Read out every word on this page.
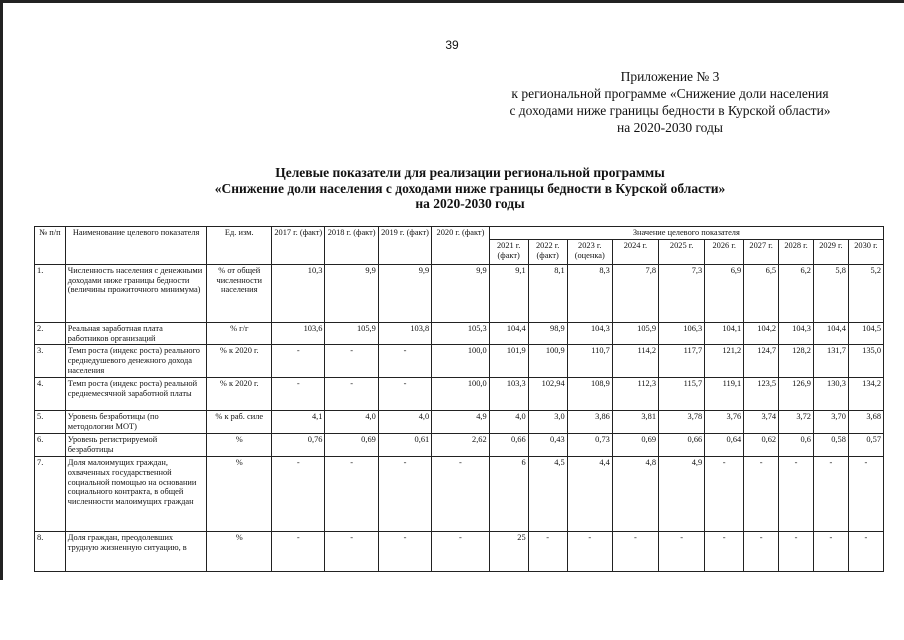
39
Приложение № 3
к региональной программе «Снижение доли населения
с доходами ниже границы бедности в Курской области»
на 2020-2030 годы
Целевые показатели для реализации региональной программы
«Снижение доли населения с доходами ниже границы бедности в Курской области»
на 2020-2030 годы
№ п/п	Наименование целевого показателя	Ед. изм.	2017 г. (факт)	2018 г. (факт)	2019 г. (факт)	2020 г. (факт)	Значение целевого показателя									
							2021 г. (факт)	2022 г. (факт)	2023 г. (оценка)	2024 г.	2025 г.	2026 г.	2027 г.	2028 г.	2029 г.	2030 г.
1.	Численность населения с денежными доходами ниже границы бедности (величины прожиточного минимума)	% от общей численности населения	10,3	9,9	9,9	9,9	9,1	8,1	8,3	7,8	7,3	6,9	6,5	6,2	5,8	5,2
2.	Реальная заработная плата работников организаций	% г/г	103,6	105,9	103,8	105,3	104,4	98,9	104,3	105,9	106,3	104,1	104,2	104,3	104,4	104,5
3.	Темп роста (индекс роста) реального среднедушевого денежного дохода населения	% к 2020 г.	-	-	-	100,0	101,9	100,9	110,7	114,2	117,7	121,2	124,7	128,2	131,7	135,0
4.	Темп роста (индекс роста) реальной среднемесячной заработной платы	% к 2020 г.	-	-	-	100,0	103,3	102,94	108,9	112,3	115,7	119,1	123,5	126,9	130,3	134,2
5.	Уровень безработицы (по методологии МОТ)	% к раб. силе	4,1	4,0	4,0	4,9	4,0	3,0	3,86	3,81	3,78	3,76	3,74	3,72	3,70	3,68
6.	Уровень регистрируемой безработицы	%	0,76	0,69	0,61	2,62	0,66	0,43	0,73	0,69	0,66	0,64	0,62	0,6	0,58	0,57
7.	Доля малоимущих граждан, охваченных государственной социальной помощью на основании социального контракта, в общей численности малоимущих граждан	%	-	-	-	-	6	4,5	4,4	4,8	4,9	-	-	-	-	-
8.	Доля граждан, преодолевших трудную жизненную ситуацию, в	%	-	-	-	-	25	-	-	-	-	-	-	-	-	-
